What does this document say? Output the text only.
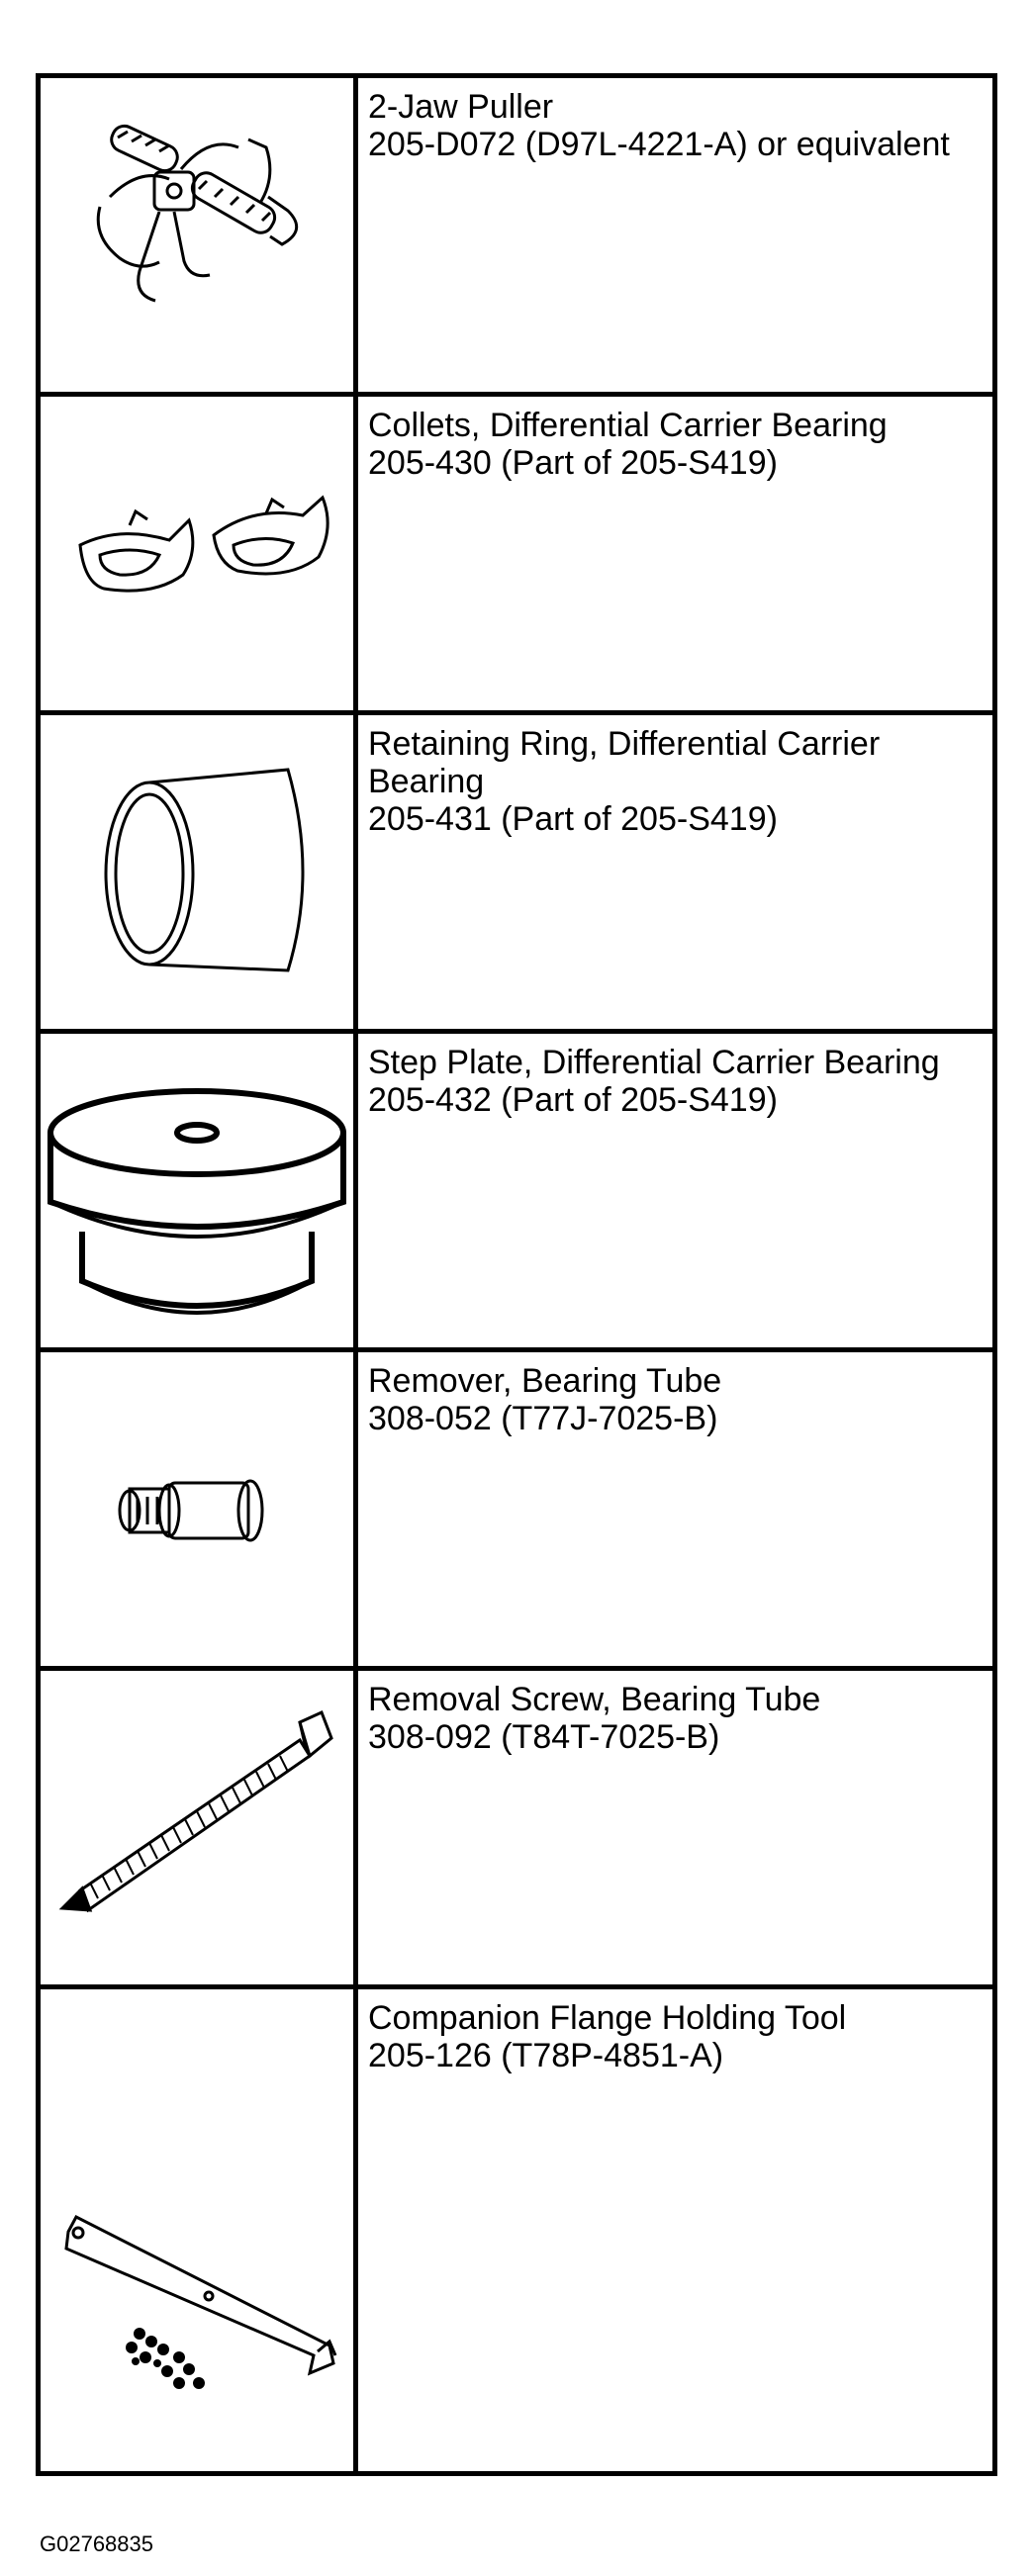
2-Jaw Puller
205-D072 (D97L-4221-A) or equivalent

Collets, Differential Carrier Bearing
205-430 (Part of 205-S419)

Retaining Ring, Differential Carrier Bearing
205-431 (Part of 205-S419)

Step Plate, Differential Carrier Bearing
205-432 (Part of 205-S419)

Remover, Bearing Tube
308-052 (T77J-7025-B)

Removal Screw, Bearing Tube
308-092 (T84T-7025-B)

Companion Flange Holding Tool
205-126 (T78P-4851-A)
G02768835
